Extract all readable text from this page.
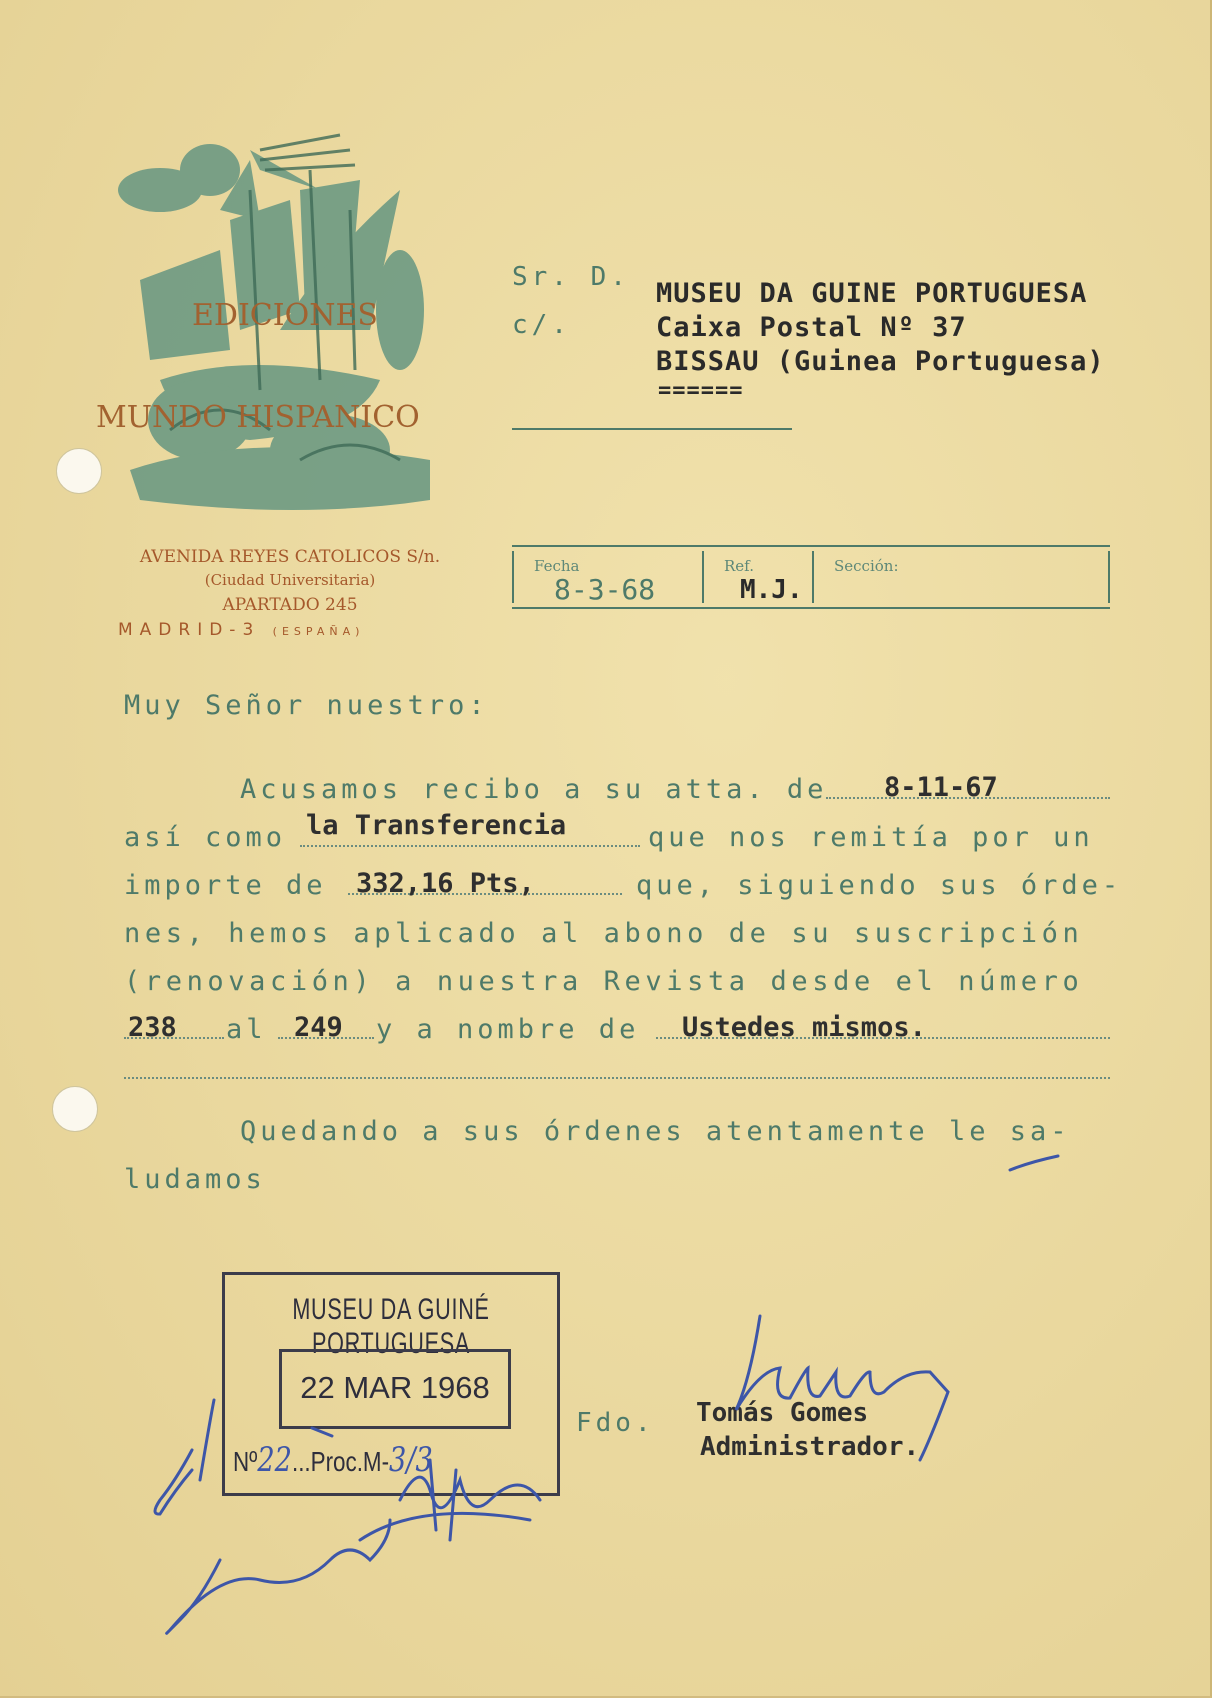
EDICIONES
MUNDO HISPANICO
AVENIDA REYES CATOLICOS S/n.
(Ciudad Universitaria)
APARTADO 245
MADRID-3 (ESPAÑA)
Sr. D.
c/.
MUSEU DA GUINE PORTUGUESA
Caixa Postal Nº 37
BISSAU (Guinea Portuguesa)
======
Fecha
8-3-68
Ref.
M.J.
Sección:
Muy Señor nuestro:
Acusamos recibo a su atta. de 8-11-67
así como la Transferencia	que nos remitía por un
importe de 332,16 Pts,	que, siguiendo sus órde-
nes, hemos aplicado al abono de su suscripción
(renovación) a nuestra Revista desde el número
238 al 249 y a nombre de Ustedes mismos.
Quedando a sus órdenes atentamente le sa-
ludamos
MUSEU DA GUINÉ PORTUGUESA
22 MAR 1968
Nº22...Proc.M-3/3
Fdo. Tomás Gomes
Administrador.
